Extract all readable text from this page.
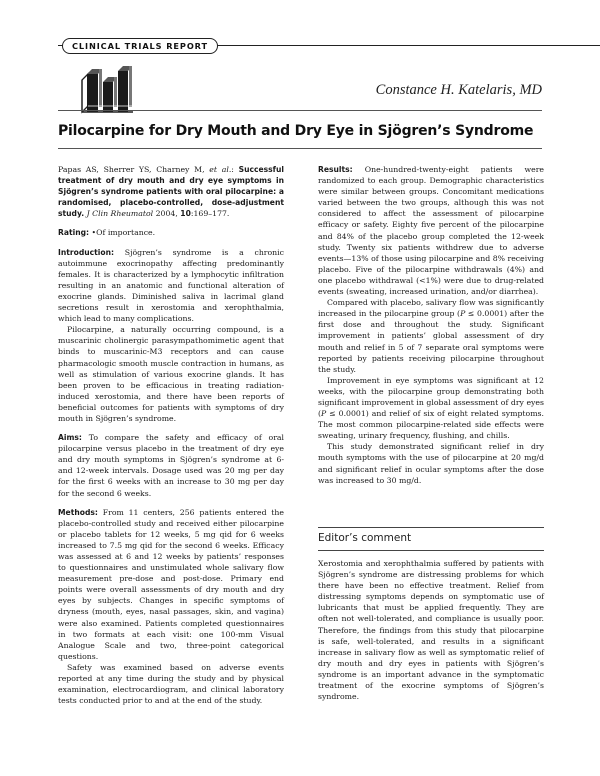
CLINICAL TRIALS REPORT
Constance H. Katelaris, MD
Pilocarpine for Dry Mouth and Dry Eye in Sjögren’s Syndrome

Papas AS, Sherrer YS, Charney M, et al.: Successful treatment of dry mouth and dry eye symptoms in Sjögren’s syndrome patients with oral pilocarpine: a randomised, placebo-controlled, dose-adjustment study. J Clin Rheumatol 2004, 10:169–177.

Rating: •Of importance.

Introduction: Sjögren’s syndrome is a chronic autoimmune exocrinopathy affecting predominantly females. It is characterized by a lymphocytic infiltration resulting in an anatomic and functional alteration of exocrine glands. Diminished saliva in lacrimal gland secretions result in xerostomia and xerophthalmia, which lead to many complications.

Pilocarpine, a naturally occurring compound, is a muscarinic cholinergic parasympathomimetic agent that binds to muscarinic-M3 receptors and can cause pharmacologic smooth muscle contraction in humans, as well as stimulation of various exocrine glands. It has been proven to be efficacious in treating radiation-induced xerostomia, and there have been reports of beneficial outcomes for patients with symptoms of dry mouth in Sjögren’s syndrome.

Aims: To compare the safety and efficacy of oral pilocarpine versus placebo in the treatment of dry eye and dry mouth symptoms in Sjögren’s syndrome at 6- and 12-week intervals. Dosage used was 20 mg per day for the first 6 weeks with an increase to 30 mg per day for the second 6 weeks.

Methods: From 11 centers, 256 patients entered the placebo-controlled study and received either pilocarpine or placebo tablets for 12 weeks, 5 mg qid for 6 weeks increased to 7.5 mg qid for the second 6 weeks. Efficacy was assessed at 6 and 12 weeks by patients’ responses to questionnaires and unstimulated whole salivary flow measurement pre-dose and post-dose. Primary end points were overall assessments of dry mouth and dry eyes by subjects. Changes in specific symptoms of dryness (mouth, eyes, nasal passages, skin, and vagina) were also examined. Patients completed questionnaires in two formats at each visit: one 100-mm Visual Analogue Scale and two, three-point categorical questions.

Safety was examined based on adverse events reported at any time during the study and by physical examination, electrocardiogram, and clinical laboratory tests conducted prior to and at the end of the study.

Results: One-hundred-twenty-eight patients were randomized to each group. Demographic characteristics were similar between groups. Concomitant medications varied between the two groups, although this was not considered to affect the assessment of pilocarpine efficacy or safety. Eighty five percent of the pilocarpine and 84% of the placebo group completed the 12-week study. Twenty six patients withdrew due to adverse events—13% of those using pilocarpine and 8% receiving placebo. Five of the pilocarpine withdrawals (4%) and one placebo withdrawal (<1%) were due to drug-related events (sweating, increased urination, and/or diarrhea).

Compared with placebo, salivary flow was significantly increased in the pilocarpine group (P ≤ 0.0001) after the first dose and throughout the study. Significant improvement in patients’ global assessment of dry mouth and relief in 5 of 7 separate oral symptoms were reported by patients receiving pilocarpine throughout the study.

Improvement in eye symptoms was significant at 12 weeks, with the pilocarpine group demonstrating both significant improvement in global assessment of dry eyes (P ≤ 0.0001) and relief of six of eight related symptoms. The most common pilocarpine-related side effects were sweating, urinary frequency, flushing, and chills.

This study demonstrated significant relief in dry mouth symptoms with the use of pilocarpine at 20 mg/d and significant relief in ocular symptoms after the dose was increased to 30 mg/d.

Editor’s comment
Xerostomia and xerophthalmia suffered by patients with Sjögren’s syndrome are distressing problems for which there have been no effective treatment. Relief from distressing symptoms depends on symptomatic use of lubricants that must be applied frequently. They are often not well-tolerated, and compliance is usually poor. Therefore, the findings from this study that pilocarpine is safe, well-tolerated, and results in a significant increase in salivary flow as well as symptomatic relief of dry mouth and dry eyes in patients with Sjögren’s syndrome is an important advance in the symptomatic treatment of the exocrine symptoms of Sjögren’s syndrome.
